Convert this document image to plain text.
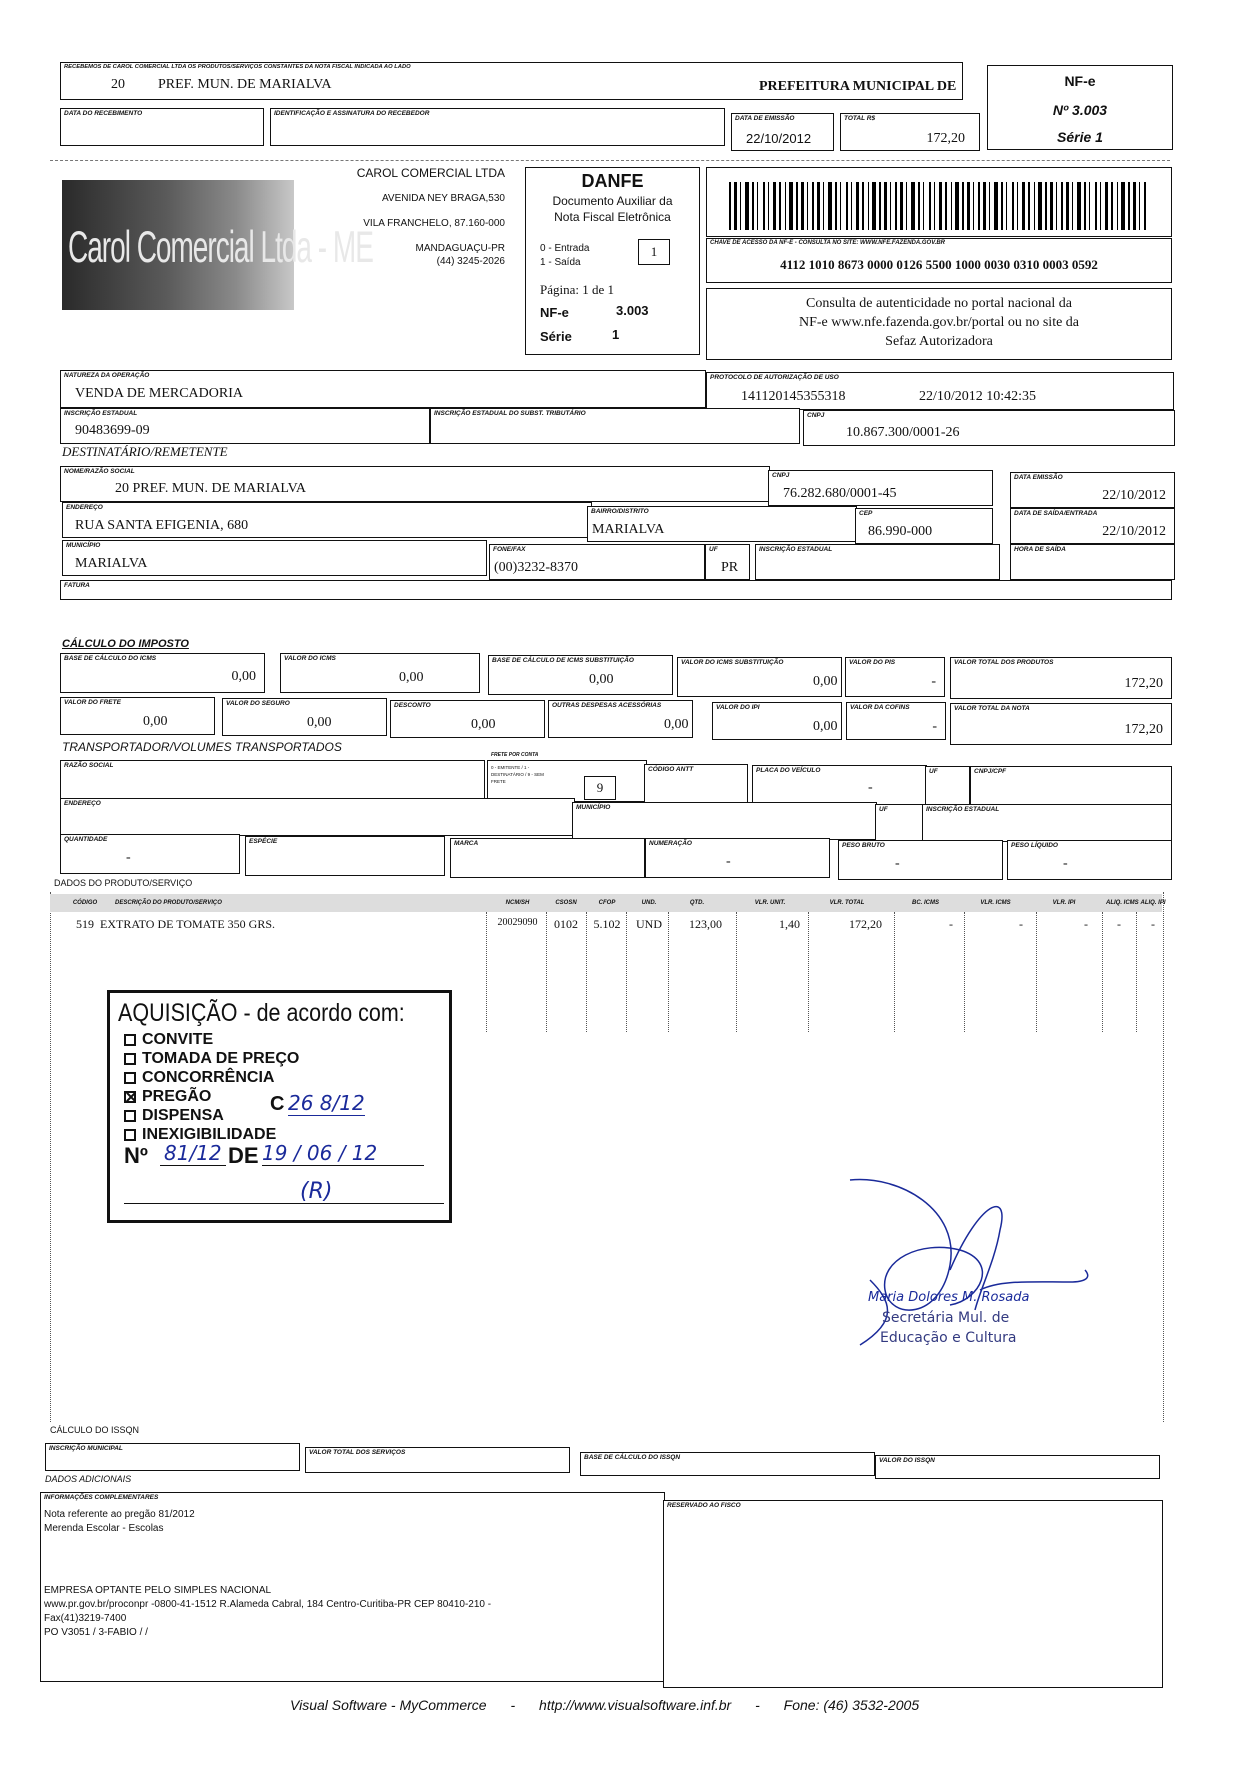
RECEBEMOS DE CAROL COMERCIAL LTDA OS PRODUTOS/SERVIÇOS CONSTANTES DA NOTA FISCAL INDICADA AO LADO
20 PREF. MUN. DE MARIALVA	PREFEITURA MUNICIPAL DE
DATA DO RECEBIMENTO	IDENTIFICAÇÃO E ASSINATURA DO RECEBEDOR
DATA DE EMISSÃO
22/10/2012
TOTAL R$
172,20
NF-e
Nº 3.003
Série 1
Carol Comercial Ltda - ME
CAROL COMERCIAL LTDA
AVENIDA NEY BRAGA,530
VILA FRANCHELO, 87.160-000
MANDAGUAÇU-PR
(44) 3245-2026
DANFE
Documento Auxiliar da
Nota Fiscal Eletrônica
0 - Entrada
1 - Saída
1
Página: 1 de 1
NF-e	3.003
Série	1
CHAVE DE ACESSO DA NF-E - CONSULTA NO SITE: WWW.NFE.FAZENDA.GOV.BR
4112 1010 8673 0000 0126 5500 1000 0030 0310 0003 0592
Consulta de autenticidade no portal nacional da
NF-e www.nfe.fazenda.gov.br/portal ou no site da
Sefaz Autorizadora
NATUREZA DA OPERAÇÃO
VENDA DE MERCADORIA
PROTOCOLO DE AUTORIZAÇÃO DE USO
141120145355318	22/10/2012 10:42:35
INSCRIÇÃO ESTADUAL
90483699-09
INSCRIÇÃO ESTADUAL DO SUBST. TRIBUTÁRIO	CNPJ
10.867.300/0001-26
DESTINATÁRIO/REMETENTE
NOME/RAZÃO SOCIAL
20 PREF. MUN. DE MARIALVA
CNPJ
76.282.680/0001-45
DATA EMISSÃO
22/10/2012
ENDEREÇO
RUA SANTA EFIGENIA, 680
BAIRRO/DISTRITO
MARIALVA
CEP
86.990-000
DATA DE SAÍDA/ENTRADA
22/10/2012
MUNICÍPIO
MARIALVA
FONE/FAX
(00)3232-8370
UF
PR
INSCRIÇÃO ESTADUAL	HORA DE SAÍDA
FATURA
CÁLCULO DO IMPOSTO
BASE DE CÁLCULO DO ICMS
0,00
VALOR DO ICMS
0,00
BASE DE CÁLCULO DE ICMS SUBSTITUIÇÃO
0,00
VALOR DO ICMS SUBSTITUIÇÃO
0,00
VALOR DO PIS
-
VALOR TOTAL DOS PRODUTOS
172,20
VALOR DO FRETE
0,00
VALOR DO SEGURO
0,00
DESCONTO
0,00
OUTRAS DESPESAS ACESSÓRIAS
0,00
VALOR DO IPI
0,00
VALOR DA COFINS
-
VALOR TOTAL DA NOTA
172,20
TRANSPORTADOR/VOLUMES TRANSPORTADOS
RAZÃO SOCIAL
FRETE POR CONTA
0 - EMITENTE / 1 - DESTINATÁRIO / 9 - SEM FRETE	9
CÓDIGO ANTT	PLACA DO VEÍCULO
-
UF	CNPJ/CPF
ENDEREÇO
MUNICÍPIO	UF	INSCRIÇÃO ESTADUAL
QUANTIDADE
-
ESPÉCIE	MARCA	NUMERAÇÃO
-
PESO BRUTO
-
PESO LÍQUIDO
-
DADOS DO PRODUTO/SERVIÇO
CÓDIGO	DESCRIÇÃO DO PRODUTO/SERVIÇO	NCM/SH	CSOSN	CFOP	UND.	QTD.	VLR. UNIT.	VLR. TOTAL	BC. ICMS	VLR. ICMS	VLR. IPI	ALIQ. ICMS ALIQ. IPI
519 EXTRATO DE TOMATE 350 GRS.	20029090	0102	5.102	UND	123,00	1,40	172,20	-	-	-	-	-
AQUISIÇÃO - de acordo com:
CONVITE
TOMADA DE PREÇO
CONCORRÊNCIA
PREGÃO
DISPENSA
INEXIGIBILIDADE
C 26 8/12
Nº 81/12 DE 19 / 06 / 12
(R)
Maria Dolores M. Rosada
Secretária Mul. de
Educação e Cultura
CÁLCULO DO ISSQN
INSCRIÇÃO MUNICIPAL
VALOR TOTAL DOS SERVIÇOS
BASE DE CÁLCULO DO ISSQN	VALOR DO ISSQN
DADOS ADICIONAIS
INFORMAÇÕES COMPLEMENTARES
Nota referente ao pregão 81/2012
Merenda Escolar - Escolas
EMPRESA OPTANTE PELO SIMPLES NACIONAL
www.pr.gov.br/proconpr -0800-41-1512 R.Alameda Cabral, 184 Centro-Curitiba-PR CEP 80410-210 -
Fax(41)3219-7400
PO V3051 / 3-FABIO / /
RESERVADO AO FISCO
Visual Software - MyCommerce - http://www.visualsoftware.inf.br - Fone: (46) 3532-2005
